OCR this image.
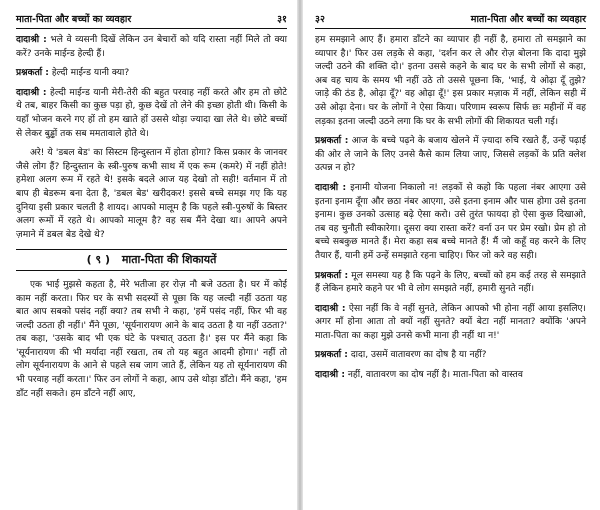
माता-पिता और बच्चों का व्यवहार	३१

दादाश्री : भले वे व्यसनी दिखें लेकिन उन बेचारों को यदि रास्ता नहीं मिले तो क्या करें? उनके माईन्ड हेल्दी हैं।

प्रश्नकर्ता : हेल्दी माईन्ड यानी क्या?

दादाश्री : हेल्दी माईन्ड यानी मेरी-तेरी की बहुत परवाह नहीं करते और हम तो छोटे थे तब, बाहर किसी का कुछ पड़ा हो, कुछ देखें तो लेने की इच्छा होती थी। किसी के यहाँ भोजन करने गए हों तो हम खाते हों उससे थोड़ा ज्यादा खा लेते थे। छोटे बच्चों से लेकर बुड्ढों तक सब ममतावाले होते थे।

अरे! ये 'डबल बेड' का सिस्टम हिन्दुस्तान में होता होगा? किस प्रकार के जानवर जैसे लोग हैं? हिन्दुस्तान के स्त्री-पुरुष कभी साथ में एक रूम (कमरे) में नहीं होते! हमेशा अलग रूम में रहते थे! इसके बदले आज यह देखो तो सही! वर्तमान में तो बाप ही बेडरूम बना देता है, 'डबल बेड' खरीदकर! इससे बच्चे समझ गए कि यह दुनिया इसी प्रकार चलती है शायद। आपको मालूम है कि पहले स्त्री-पुरुषों के बिस्तर अलग रूमों में रहते थे। आपको मालूम है? वह सब मैंने देखा था। आपने अपने ज़माने में डबल बेड देखे थे?

( ९ ) माता-पिता की शिकायतें

एक भाई मुझसे कहता है, मेरे भतीजा हर रोज़ नौ बजे उठता है। घर में कोई काम नहीं करता। फिर घर के सभी सदस्यों से पूछा कि यह जल्दी नहीं उठता यह बात आप सबको पसंद नहीं क्या? तब सभी ने कहा, 'हमें पसंद नहीं, फिर भी वह जल्दी उठता ही नहीं।' मैंने पूछा, 'सूर्यनारायण आने के बाद उठता है या नहीं उठता?' तब कहा, 'उसके बाद भी एक घंटे के पश्चात् उठता है।' इस पर मैंने कहा कि 'सूर्यनारायण की भी मर्यादा नहीं रखता, तब तो यह बहुत आदमी होगा।' नहीं तो लोग सूर्यनारायण के आने से पहले सब जाग जाते हैं, लेकिन यह तो सूर्यनारायण की भी परवाह नहीं करता।' फिर उन लोगों ने कहा, आप उसे थोड़ा डाँटो। मैंने कहा, 'हम डाँट नहीं सकते। हम डाँटने नहीं आए,

३२	माता-पिता और बच्चों का व्यवहार

हम समझाने आए हैं। हमारा डाँटने का व्यापार ही नहीं है, हमारा तो समझाने का व्यापार है।' फिर उस लड़के से कहा, 'दर्शन कर ले और रोज़ बोलना कि दादा मुझे जल्दी उठने की शक्ति दो।' इतना उससे कहने के बाद घर के सभी लोगों से कहा, अब वह चाय के समय भी नहीं उठे तो उससे पूछना कि, 'भाई, ये ओढ़ा दूँ तुझे? जाड़े की ठंड है, ओढ़ा दूँ?' वह ओढ़ा दूँ!' इस प्रकार मज़ाक में नहीं, लेकिन सही में उसे ओढ़ा देना। घर के लोगों ने ऐसा किया। परिणाम स्वरूप सिर्फ छः महीनों में वह लड़का इतना जल्दी उठने लगा कि घर के सभी लोगों की शिकायत चली गई।

प्रश्नकर्ता : आज के बच्चे पढ़ने के बजाय खेलने में ज़्यादा रुचि रखते हैं, उन्हें पढ़ाई की ओर ले जाने के लिए उनसे कैसे काम लिया जाए, जिससे लड़कों के प्रति क्लेश उत्पन्न न हो?

दादाश्री : इनामी योजना निकालो न! लड़कों से कहो कि पहला नंबर आएगा उसे इतना इनाम दूँगा और छठा नंबर आएगा, उसे इतना इनाम और पास होगा उसे इतना इनाम। कुछ उनको उत्साह बढ़े ऐसा करो। उसे तुरंत फायदा हो ऐसा कुछ दिखाओ, तब वह चुनौती स्वीकारेगा। दूसरा क्या रास्ता करें? वर्ना उन पर प्रेम रखो। प्रेम हो तो बच्चे सबकुछ मानते हैं। मेरा कहा सब बच्चे मानते हैं! मैं जो कहूँ वह करने के लिए तैयार हैं, यानी हमें उन्हें समझाते रहना चाहिए। फिर जो करे वह सही।

प्रश्नकर्ता : मूल समस्या यह है कि पढ़ने के लिए, बच्चों को हम कई तरह से समझाते हैं लेकिन हमारे कहने पर भी वे लोग समझते नहीं, हमारी सुनते नहीं।

दादाश्री : ऐसा नहीं कि वे नहीं सुनते, लेकिन आपको भी होना नहीं आया इसलिए। अगर माँ होना आता तो क्यों नहीं सुनते? क्यों बेटा नहीं मानता? क्योंकि 'अपने माता-पिता का कहा मुझे उनसे कभी माना ही नहीं था न!'

प्रश्नकर्ता : दादा, उसमें वातावरण का दोष है या नहीं?

दादाश्री : नहीं, वातावरण का दोष नहीं है। माता-पिता को वास्तव
